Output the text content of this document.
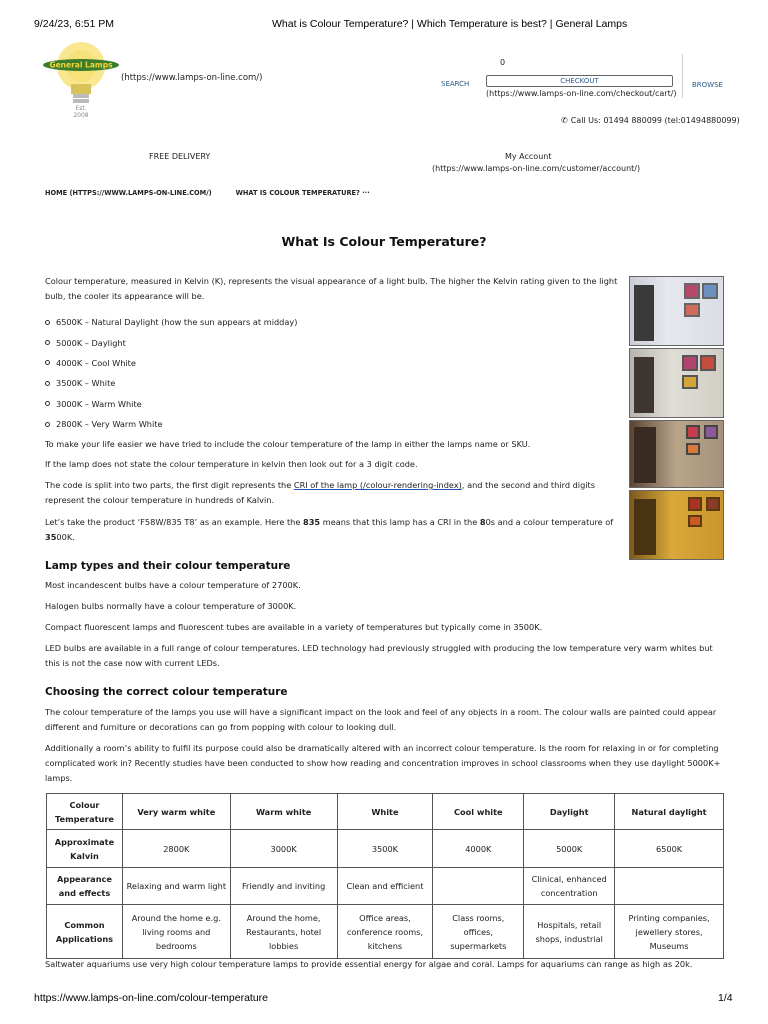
9/24/23, 6:51 PM	What is Colour Temperature? | Which Temperature is best? | General Lamps
General Lamps
Est.
2008
(https://www.lamps-on-line.com/)
SEARCH
0
CHECKOUT
(https://www.lamps-on-line.com/checkout/cart/)
BROWSE
✆ Call Us: 01494 880099 (tel:01494880099)
FREE DELIVERY	My Account
(https://www.lamps-on-line.com/customer/account/)
HOME (HTTPS://WWW.LAMPS-ON-LINE.COM/)	WHAT IS COLOUR TEMPERATURE? ···
What Is Colour Temperature?
Colour temperature, measured in Kelvin (K), represents the visual appearance of a light bulb. The higher the Kelvin rating given to the light bulb, the cooler its appearance will be.
6500K – Natural Daylight (how the sun appears at midday)
5000K – Daylight
4000K – Cool White
3500K – White
3000K – Warm White
2800K – Very Warm White
To make your life easier we have tried to include the colour temperature of the lamp in either the lamps name or SKU.
If the lamp does not state the colour temperature in kelvin then look out for a 3 digit code.
The code is split into two parts, the first digit represents the CRI of the lamp (/colour-rendering-index), and the second and third digits represent the colour temperature in hundreds of Kalvin.
Let’s take the product ‘F58W/835 T8’ as an example. Here the 835 means that this lamp has a CRI in the 80s and a colour temperature of 3500K.
Lamp types and their colour temperature
Most incandescent bulbs have a colour temperature of 2700K.
Halogen bulbs normally have a colour temperature of 3000K.
Compact fluorescent lamps and fluorescent tubes are available in a variety of temperatures but typically come in 3500K.
LED bulbs are available in a full range of colour temperatures. LED technology had previously struggled with producing the low temperature very warm whites but this is not the case now with current LEDs.
Choosing the correct colour temperature
The colour temperature of the lamps you use will have a significant impact on the look and feel of any objects in a room. The colour walls are painted could appear different and furniture or decorations can go from popping with colour to looking dull.
Additionally a room’s ability to fulfil its purpose could also be dramatically altered with an incorrect colour temperature. Is the room for relaxing in or for completing complicated work in? Recently studies have been conducted to show how reading and concentration improves in school classrooms when they use daylight 5000K+ lamps.
Colour Temperature	Very warm white	Warm white	White	Cool white	Daylight	Natural daylight
Approximate Kalvin	2800K	3000K	3500K	4000K	5000K	6500K
Appearance and effects	Relaxing and warm light	Friendly and inviting	Clean and efficient		Clinical, enhanced concentration	
Common Applications	Around the home e.g. living rooms and bedrooms	Around the home, Restaurants, hotel lobbies	Office areas, conference rooms, kitchens	Class rooms, offices, supermarkets	Hospitals, retail shops, industrial	Printing companies, jewellery stores, Museums
Saltwater aquariums use very high colour temperature lamps to provide essential energy for algae and coral. Lamps for aquariums can range as high as 20k.
https://www.lamps-on-line.com/colour-temperature	1/4
